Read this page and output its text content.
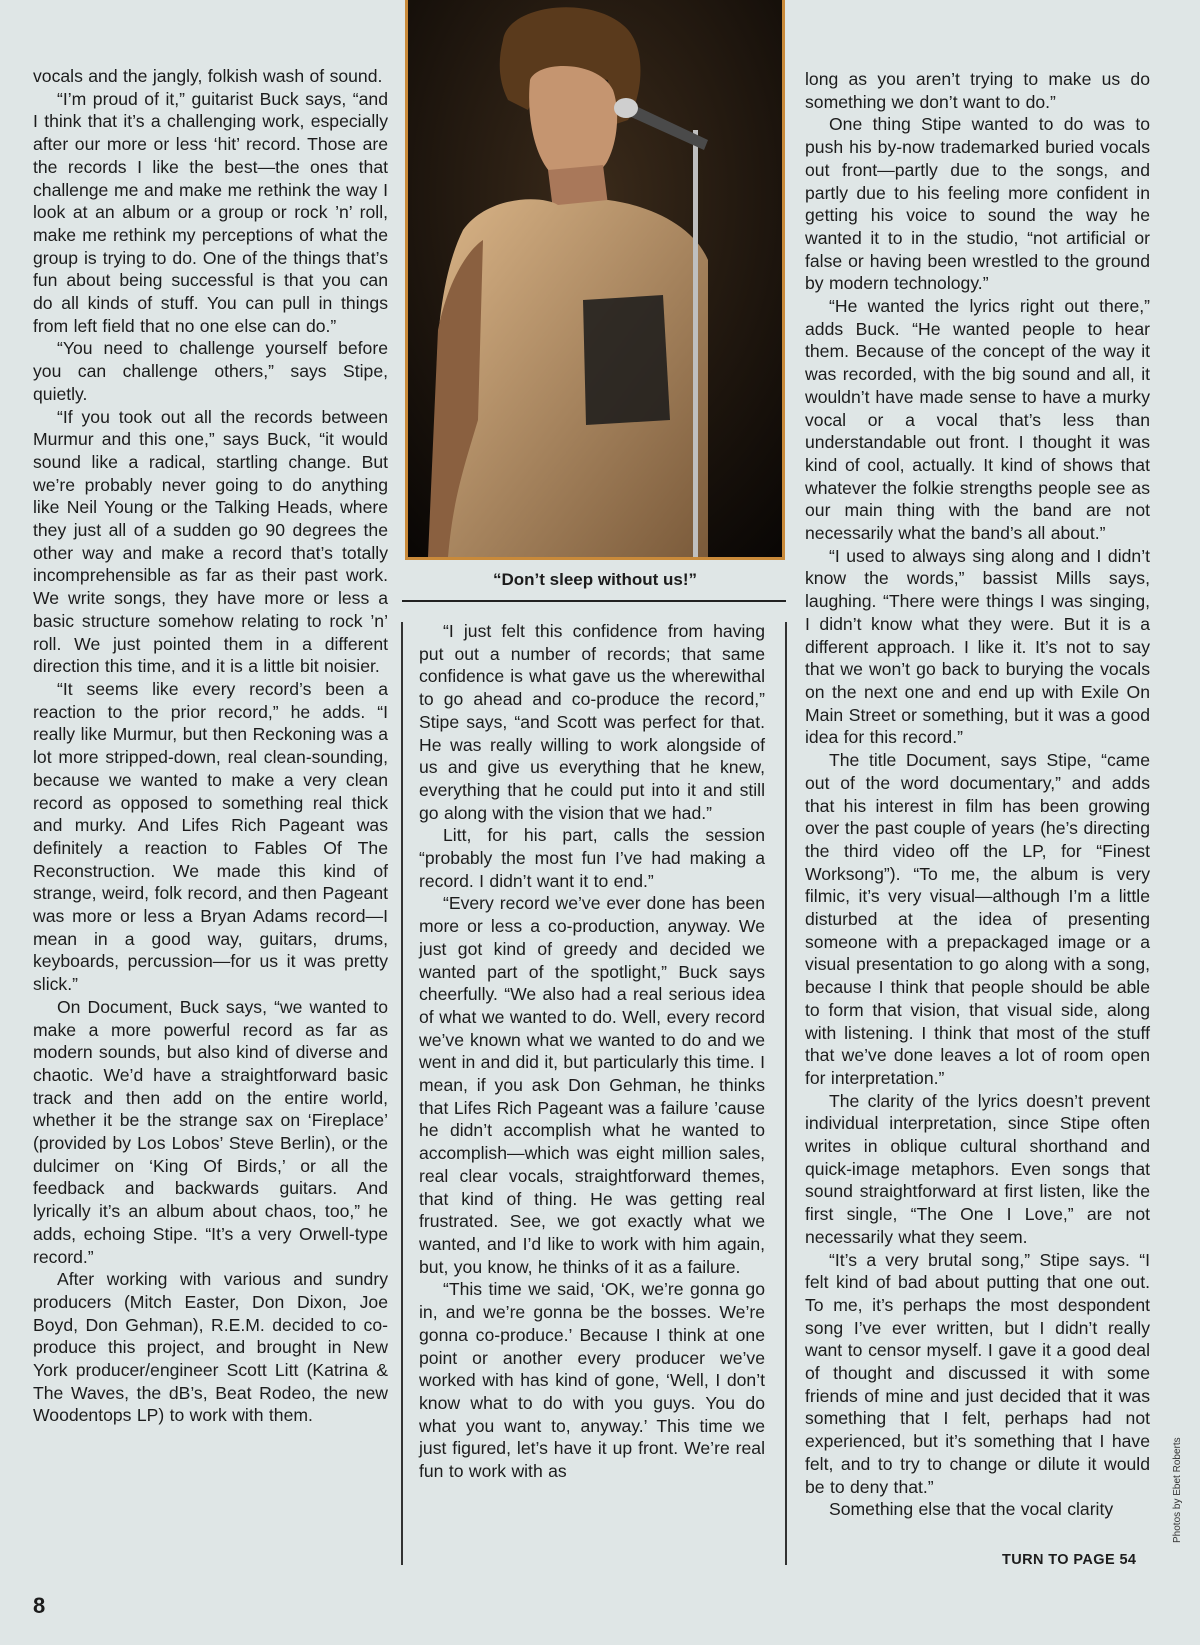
“Don’t sleep without us!”

vocals and the jangly, folkish wash of sound.

“I’m proud of it,” guitarist Buck says, “and I think that it’s a challenging work, especially after our more or less ‘hit’ record. Those are the records I like the best—the ones that challenge me and make me rethink the way I look at an album or a group or rock ’n’ roll, make me rethink my perceptions of what the group is trying to do. One of the things that’s fun about being successful is that you can do all kinds of stuff. You can pull in things from left field that no one else can do.”

“You need to challenge yourself before you can challenge others,” says Stipe, quietly.

“If you took out all the records between Murmur and this one,” says Buck, “it would sound like a radical, startling change. But we’re probably never going to do anything like Neil Young or the Talking Heads, where they just all of a sudden go 90 degrees the other way and make a record that’s totally incomprehensible as far as their past work. We write songs, they have more or less a basic structure somehow relating to rock ’n’ roll. We just pointed them in a different direction this time, and it is a little bit noisier.

“It seems like every record’s been a reaction to the prior record,” he adds. “I really like Murmur, but then Reckoning was a lot more stripped-down, real clean-sounding, because we wanted to make a very clean record as opposed to something real thick and murky. And Lifes Rich Pageant was definitely a reaction to Fables Of The Reconstruction. We made this kind of strange, weird, folk record, and then Pageant was more or less a Bryan Adams record—I mean in a good way, guitars, drums, keyboards, percussion—for us it was pretty slick.”

On Document, Buck says, “we wanted to make a more powerful record as far as modern sounds, but also kind of diverse and chaotic. We’d have a straightforward basic track and then add on the entire world, whether it be the strange sax on ‘Fireplace’ (provided by Los Lobos’ Steve Berlin), or the dulcimer on ‘King Of Birds,’ or all the feedback and backwards guitars. And lyrically it’s an album about chaos, too,” he adds, echoing Stipe. “It’s a very Orwell-type record.”

After working with various and sundry producers (Mitch Easter, Don Dixon, Joe Boyd, Don Gehman), R.E.M. decided to co-produce this project, and brought in New York producer/engineer Scott Litt (Katrina & The Waves, the dB’s, Beat Rodeo, the new Woodentops LP) to work with them.

“I just felt this confidence from having put out a number of records; that same confidence is what gave us the wherewithal to go ahead and co-produce the record,” Stipe says, “and Scott was perfect for that. He was really willing to work alongside of us and give us everything that he knew, everything that he could put into it and still go along with the vision that we had.”

Litt, for his part, calls the session “probably the most fun I’ve had making a record. I didn’t want it to end.”

“Every record we’ve ever done has been more or less a co-production, anyway. We just got kind of greedy and decided we wanted part of the spotlight,” Buck says cheerfully. “We also had a real serious idea of what we wanted to do. Well, every record we’ve known what we wanted to do and we went in and did it, but particularly this time. I mean, if you ask Don Gehman, he thinks that Lifes Rich Pageant was a failure ’cause he didn’t accomplish what he wanted to accomplish—which was eight million sales, real clear vocals, straightforward themes, that kind of thing. He was getting real frustrated. See, we got exactly what we wanted, and I’d like to work with him again, but, you know, he thinks of it as a failure.

“This time we said, ‘OK, we’re gonna go in, and we’re gonna be the bosses. We’re gonna co-produce.’ Because I think at one point or another every producer we’ve worked with has kind of gone, ‘Well, I don’t know what to do with you guys. You do what you want to, anyway.’ This time we just figured, let’s have it up front. We’re real fun to work with as

long as you aren’t trying to make us do something we don’t want to do.”

One thing Stipe wanted to do was to push his by-now trademarked buried vocals out front—partly due to the songs, and partly due to his feeling more confident in getting his voice to sound the way he wanted it to in the studio, “not artificial or false or having been wrestled to the ground by modern technology.”

“He wanted the lyrics right out there,” adds Buck. “He wanted people to hear them. Because of the concept of the way it was recorded, with the big sound and all, it wouldn’t have made sense to have a murky vocal or a vocal that’s less than understandable out front. I thought it was kind of cool, actually. It kind of shows that whatever the folkie strengths people see as our main thing with the band are not necessarily what the band’s all about.”

“I used to always sing along and I didn’t know the words,” bassist Mills says, laughing. “There were things I was singing, I didn’t know what they were. But it is a different approach. I like it. It’s not to say that we won’t go back to burying the vocals on the next one and end up with Exile On Main Street or something, but it was a good idea for this record.”

The title Document, says Stipe, “came out of the word documentary,” and adds that his interest in film has been growing over the past couple of years (he’s directing the third video off the LP, for “Finest Worksong”). “To me, the album is very filmic, it’s very visual—although I’m a little disturbed at the idea of presenting someone with a prepackaged image or a visual presentation to go along with a song, because I think that people should be able to form that vision, that visual side, along with listening. I think that most of the stuff that we’ve done leaves a lot of room open for interpretation.”

The clarity of the lyrics doesn’t prevent individual interpretation, since Stipe often writes in oblique cultural shorthand and quick-image metaphors. Even songs that sound straightforward at first listen, like the first single, “The One I Love,” are not necessarily what they seem.

“It’s a very brutal song,” Stipe says. “I felt kind of bad about putting that one out. To me, it’s perhaps the most despondent song I’ve ever written, but I didn’t really want to censor myself. I gave it a good deal of thought and discussed it with some friends of mine and just decided that it was something that I felt, perhaps had not experienced, but it’s something that I have felt, and to try to change or dilute it would be to deny that.”

Something else that the vocal clarity

TURN TO PAGE 54
Photos by Ebet Roberts
8
